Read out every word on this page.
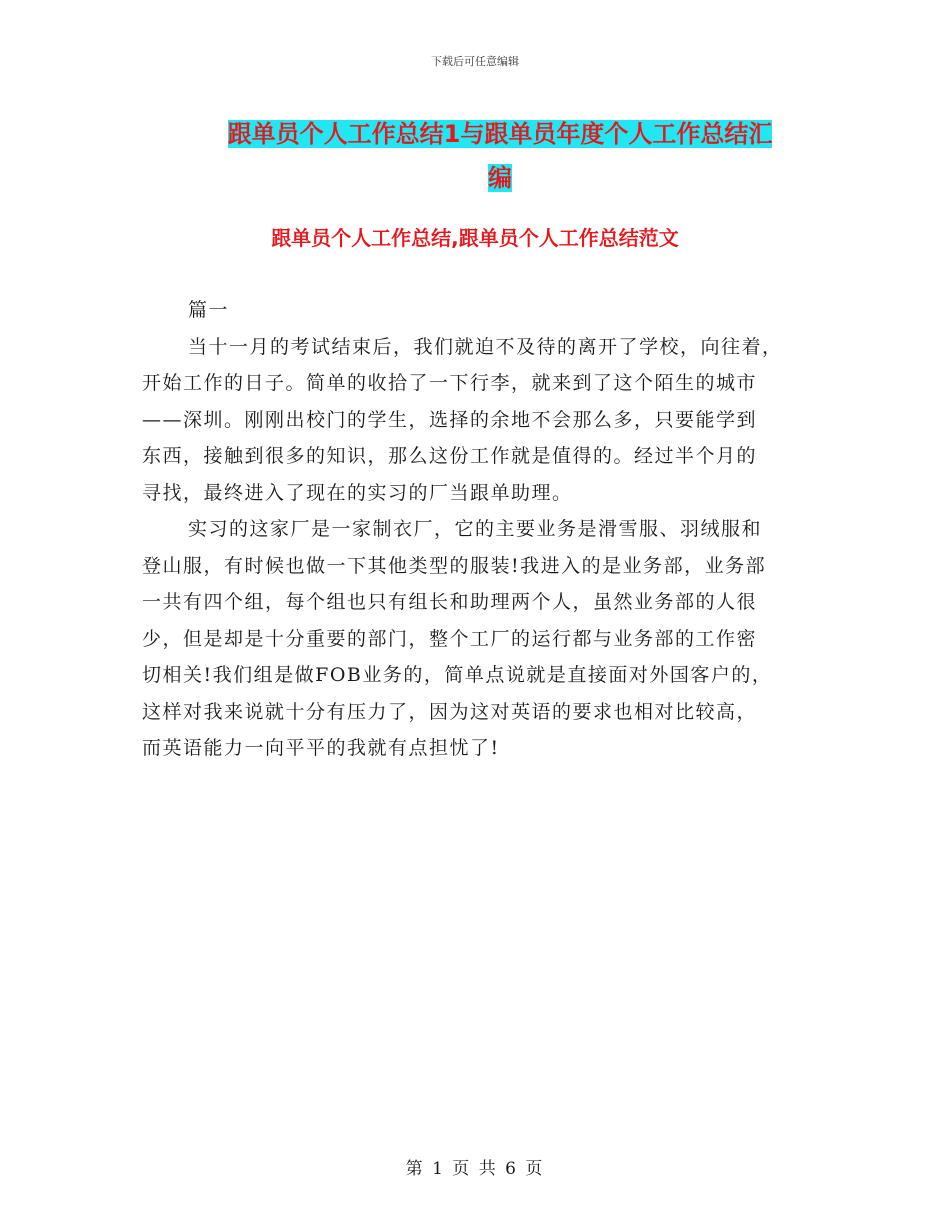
下载后可任意编辑
跟单员个人工作总结1与跟单员年度个人工作总结汇
编
跟单员个人工作总结,跟单员个人工作总结范文

篇一

当十一月的考试结束后，我们就迫不及待的离开了学校，向往着，
开始工作的日子。简单的收拾了一下行李，就来到了这个陌生的城市
——深圳。刚刚出校门的学生，选择的余地不会那么多，只要能学到
东西，接触到很多的知识，那么这份工作就是值得的。经过半个月的
寻找，最终进入了现在的实习的厂当跟单助理。

实习的这家厂是一家制衣厂，它的主要业务是滑雪服、羽绒服和
登山服，有时候也做一下其他类型的服装!我进入的是业务部，业务部
一共有四个组，每个组也只有组长和助理两个人，虽然业务部的人很
少，但是却是十分重要的部门，整个工厂的运行都与业务部的工作密
切相关!我们组是做FOB业务的，简单点说就是直接面对外国客户的，
这样对我来说就十分有压力了，因为这对英语的要求也相对比较高，
而英语能力一向平平的我就有点担忧了!

第 1 页 共 6 页
